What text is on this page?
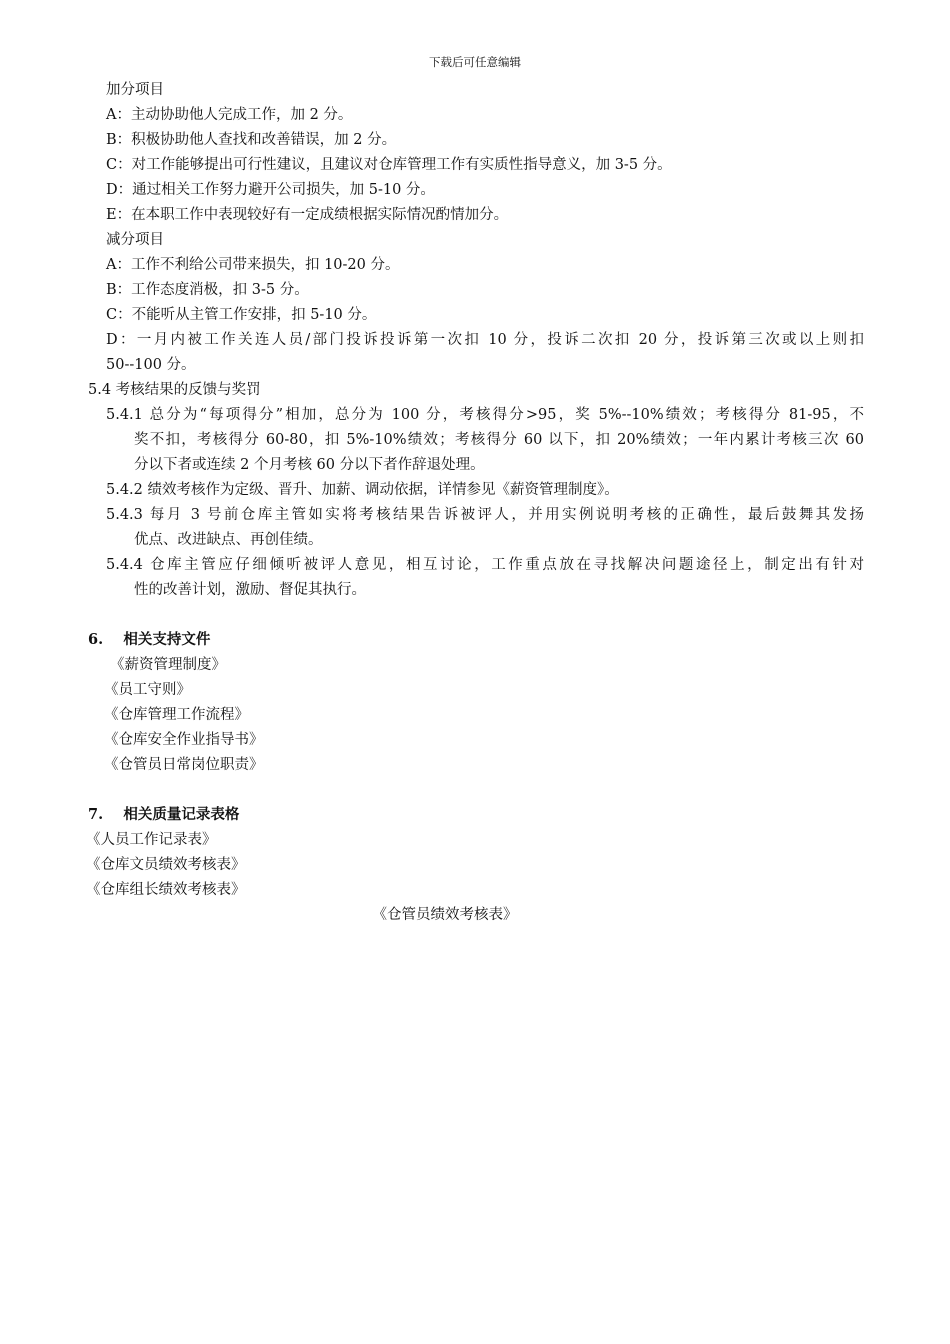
下载后可任意编辑
加分项目
A：主动协助他人完成工作，加 2 分。
B：积极协助他人查找和改善错误，加 2 分。
C：对工作能够提出可行性建议，且建议对仓库管理工作有实质性指导意义，加 3-5 分。
D：通过相关工作努力避开公司损失，加 5-10 分。
E：在本职工作中表现较好有一定成绩根据实际情况酌情加分。
减分项目
A：工作不利给公司带来损失，扣 10-20 分。
B：工作态度消极，扣 3-5 分。
C：不能听从主管工作安排，扣 5-10 分。
D：一月内被工作关连人员/部门投诉投诉第一次扣 10 分，投诉二次扣 20 分，投诉第三次或以上则扣
50--100 分。
5.4 考核结果的反馈与奖罚
5.4.1 总分为“每项得分”相加，总分为 100 分，考核得分>95，奖 5%--10%绩效；考核得分 81-95，不
奖不扣，考核得分 60-80，扣 5%-10%绩效；考核得分 60 以下，扣 20%绩效；一年内累计考核三次 60
分以下者或连续 2 个月考核 60 分以下者作辞退处理。
5.4.2 绩效考核作为定级、晋升、加薪、调动依据，详情参见《薪资管理制度》。
5.4.3 每月 3 号前仓库主管如实将考核结果告诉被评人，并用实例说明考核的正确性，最后鼓舞其发扬
优点、改进缺点、再创佳绩。
5.4.4 仓库主管应仔细倾听被评人意见，相互讨论，工作重点放在寻找解决问题途径上，制定出有针对
性的改善计划，激励、督促其执行。
6.    相关支持文件
《薪资管理制度》
《员工守则》
《仓库管理工作流程》
《仓库安全作业指导书》
《仓管员日常岗位职责》
7.    相关质量记录表格
《人员工作记录表》
《仓库文员绩效考核表》
《仓库组长绩效考核表》
《仓管员绩效考核表》
